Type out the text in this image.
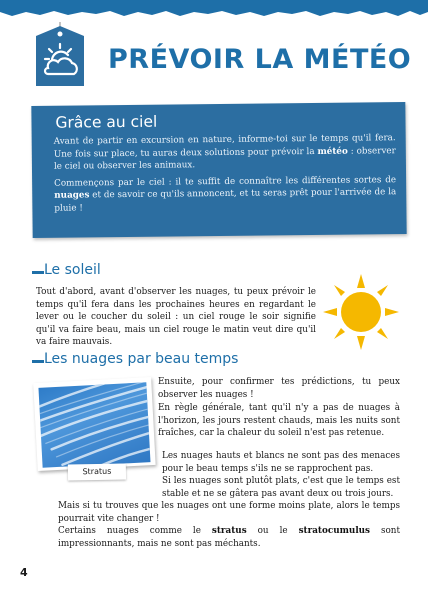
PRÉVOIR LA MÉTÉO
Grâce au ciel

Avant de partir en excursion en nature, informe-toi sur le temps qu'il fera. Une fois sur place, tu auras deux solutions pour prévoir la météo : observer le ciel ou observer les animaux.

Commençons par le ciel : il te suffit de connaître les différentes sortes de nuages et de savoir ce qu'ils annoncent, et tu seras prêt pour l'arrivée de la pluie !

Le soleil

Tout d'abord, avant d'observer les nuages, tu peux prévoir le temps qu'il fera dans les prochaines heures en regardant le lever ou le coucher du soleil : un ciel rouge le soir signifie qu'il va faire beau, mais un ciel rouge le matin veut dire qu'il va faire mauvais.

Les nuages par beau temps
Stratus

Ensuite, pour confirmer tes prédictions, tu peux observer les nuages !

En règle générale, tant qu'il n'y a pas de nuages à l'horizon, les jours restent chauds, mais les nuits sont fraîches, car la chaleur du soleil n'est pas retenue.

Les nuages hauts et blancs ne sont pas des menaces pour le beau temps s'ils ne se rapprochent pas.

Si les nuages sont plutôt plats, c'est que le temps est stable et ne se gâtera pas avant deux ou trois jours.

Mais si tu trouves que les nuages ont une forme moins plate, alors le temps pourrait vite changer !

Certains nuages comme le stratus ou le stratocumulus sont impressionnants, mais ne sont pas méchants.

4
